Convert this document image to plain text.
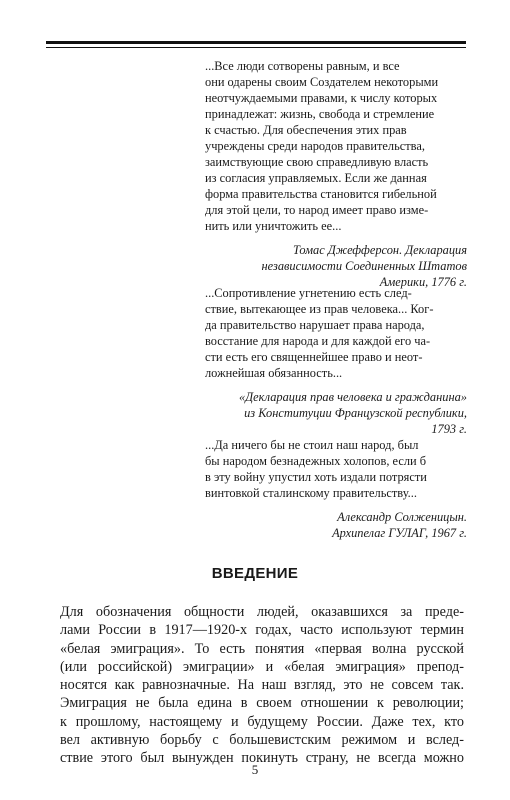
...Все люди сотворены равным, и все
они одарены своим Создателем некоторыми
неотчуждаемыми правами, к числу которых
принадлежат: жизнь, свобода и стремление
к счастью. Для обеспечения этих прав
учреждены среди народов правительства,
заимствующие свою справедливую власть
из согласия управляемых. Если же данная
форма правительства становится гибельной
для этой цели, то народ имеет право изме-
нить или уничтожить ее...

Томас Джефферсон. Декларация
независимости Соединенных Штатов
Америки, 1776 г.

...Сопротивление угнетению есть след-
ствие, вытекающее из прав человека... Ког-
да правительство нарушает права народа,
восстание для народа и для каждой его ча-
сти есть его священнейшее право и неот-
ложнейшая обязанность...

«Декларация прав человека и гражданина»
из Конституции Французской республики,
1793 г.

...Да ничего бы не стоил наш народ, был
бы народом безнадежных холопов, если б
в эту войну упустил хоть издали потрясти
винтовкой сталинскому правительству...

Александр Солженицын.
Архипелаг ГУЛАГ, 1967 г.
ВВЕДЕНИЕ

Для обозначения общности людей, оказавшихся за преде-
лами России в 1917—1920-х годах, часто используют термин
«белая эмиграция». То есть понятия «первая волна русской
(или российской) эмиграции» и «белая эмиграция» препод-
носятся как равнозначные. На наш взгляд, это не совсем так.
Эмиграция не была едина в своем отношении к революции;
к прошлому, настоящему и будущему России. Даже тех, кто
вел активную борьбу с большевистским режимом и вслед-
ствие этого был вынужден покинуть страну, не всегда можно

5
